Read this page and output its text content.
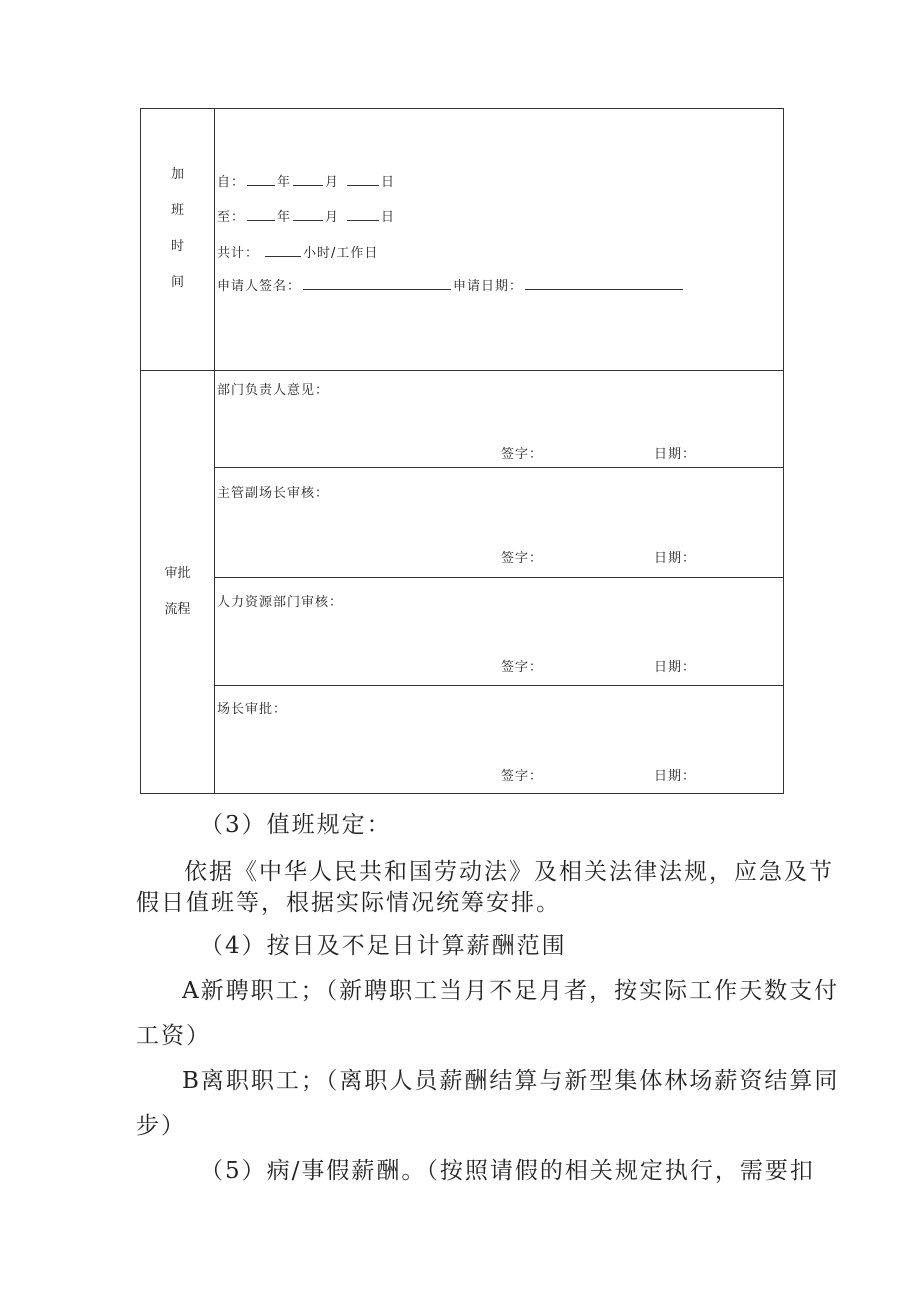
加
班
时
间
自： 年	月	日
至： 年	月	日
共计：	小时/工作日
申请人签名：	申请日期：
审批
流程
部门负责人意见：
签字：	日期：
主管副场长审核：
签字：	日期：
人力资源部门审核：
签字：	日期：
场长审批：
签字：	日期：
（3）值班规定：
依据《中华人民共和国劳动法》及相关法律法规，应急及节
假日值班等，根据实际情况统筹安排。
（4）按日及不足日计算薪酬范围
A新聘职工；（新聘职工当月不足月者，按实际工作天数支付
工资）
B离职职工；（离职人员薪酬结算与新型集体林场薪资结算同
步）
（5）病/事假薪酬。（按照请假的相关规定执行，需要扣
